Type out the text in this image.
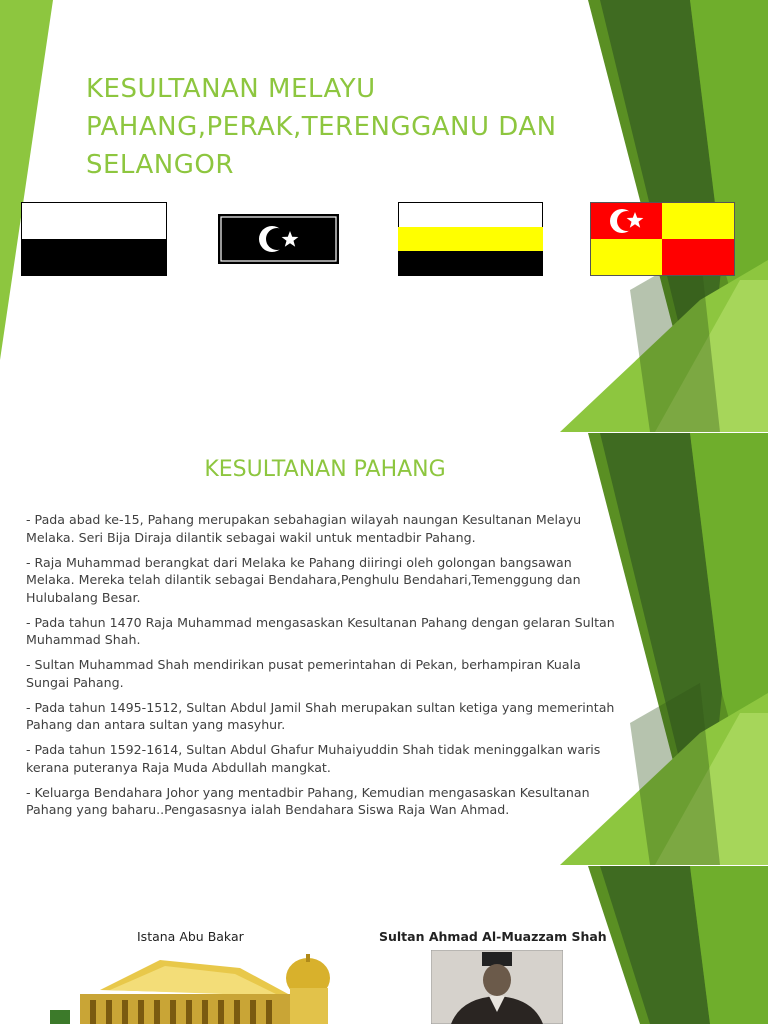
KESULTANAN MELAYU PAHANG,PERAK,TERENGGANU DAN SELANGOR
KESULTANAN PAHANG

- Pada abad ke-15, Pahang merupakan sebahagian wilayah naungan Kesultanan Melayu Melaka. Seri Bija Diraja dilantik sebagai wakil untuk mentadbir Pahang.

- Raja Muhammad berangkat dari Melaka ke Pahang diiringi oleh golongan bangsawan Melaka. Mereka telah dilantik sebagai Bendahara,Penghulu Bendahari,Temenggung dan Hulubalang Besar.

- Pada tahun 1470 Raja Muhammad mengasaskan Kesultanan Pahang dengan gelaran Sultan Muhammad Shah.

- Sultan Muhammad Shah mendirikan pusat pemerintahan di Pekan, berhampiran Kuala Sungai Pahang.

- Pada tahun 1495-1512, Sultan Abdul Jamil Shah merupakan sultan ketiga yang memerintah Pahang dan antara sultan yang masyhur.

- Pada tahun 1592-1614, Sultan Abdul Ghafur Muhaiyuddin Shah tidak meninggalkan waris kerana puteranya Raja Muda Abdullah mangkat.

- Keluarga Bendahara Johor yang mentadbir Pahang, Kemudian mengasaskan Kesultanan Pahang yang baharu..Pengasasnya ialah Bendahara Siswa Raja Wan Ahmad.

Istana Abu Bakar	Sultan Ahmad Al-Muazzam Shah
